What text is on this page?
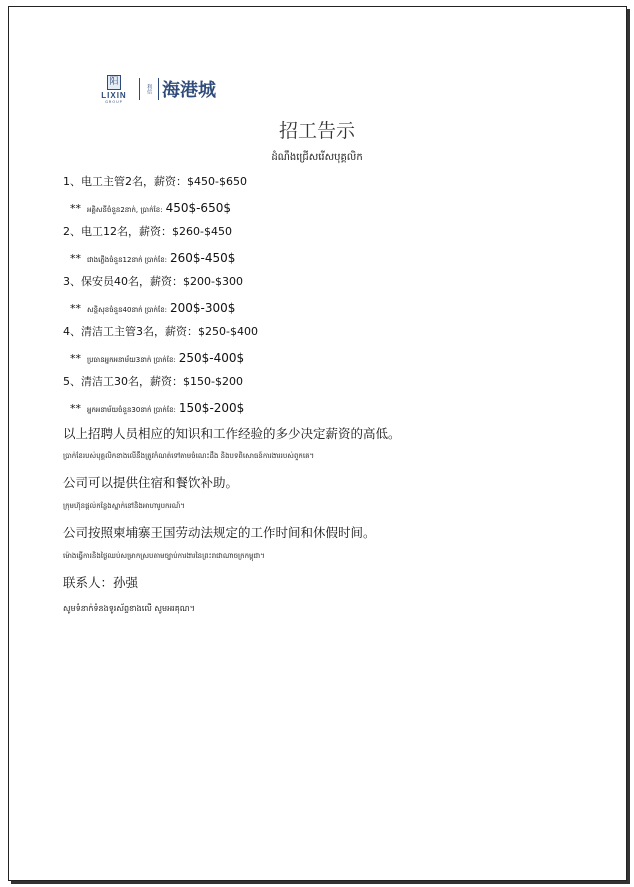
阳
LIXIN
GROUP
利信 海港城
招工告示
ដំណឹងជ្រើសរើសបុគ្គលិក
1、电工主管2名，薪资：$450-$650
** អគ្គិសនីចំនួន2នាក់, ប្រាក់ខែ: 450$-650$
2、电工12名，薪资：$260-$450
** ជាងភ្លើងចំនួន12នាក់ ប្រាក់ខែ: 260$-450$
3、保安员40名，薪资：$200-$300
** សន្តិសុខចំនួន40នាក់ ប្រាក់ខែ: 200$-300$
4、清洁工主管3名，薪资：$250-$400
** ប្រធានអ្នកអនាម័យ3នាក់ ប្រាក់ខែ: 250$-400$
5、清洁工30名，薪资：$150-$200
** អ្នកអនាម័យចំនួន30នាក់ ប្រាក់ខែ: 150$-200$
以上招聘人员相应的知识和工作经验的多少决定薪资的高低。
ប្រាក់ខែរបស់បុគ្គលិកខាងលើនឹងត្រូវកំណត់ទៅតាមចំណេះដឹង និងបទពិសោធន៍ការងាររបស់ពួកគេ។
公司可以提供住宿和餐饮补助。
ក្រុមហ៊ុនផ្តល់កន្លែងស្នាក់នៅនិងអាហារូបករណ៍។
公司按照柬埔寨王国劳动法规定的工作时间和休假时间。
ម៉ោងធ្វើការនិងថ្ងៃឈប់សម្រាកស្របតាមច្បាប់ការងារនៃព្រះរាជាណាចក្រកម្ពុជា។
联系人：孙强
សូមទំនាក់ទំនងទូរស័ព្ទខាងលើ សូមអរគុណ។
